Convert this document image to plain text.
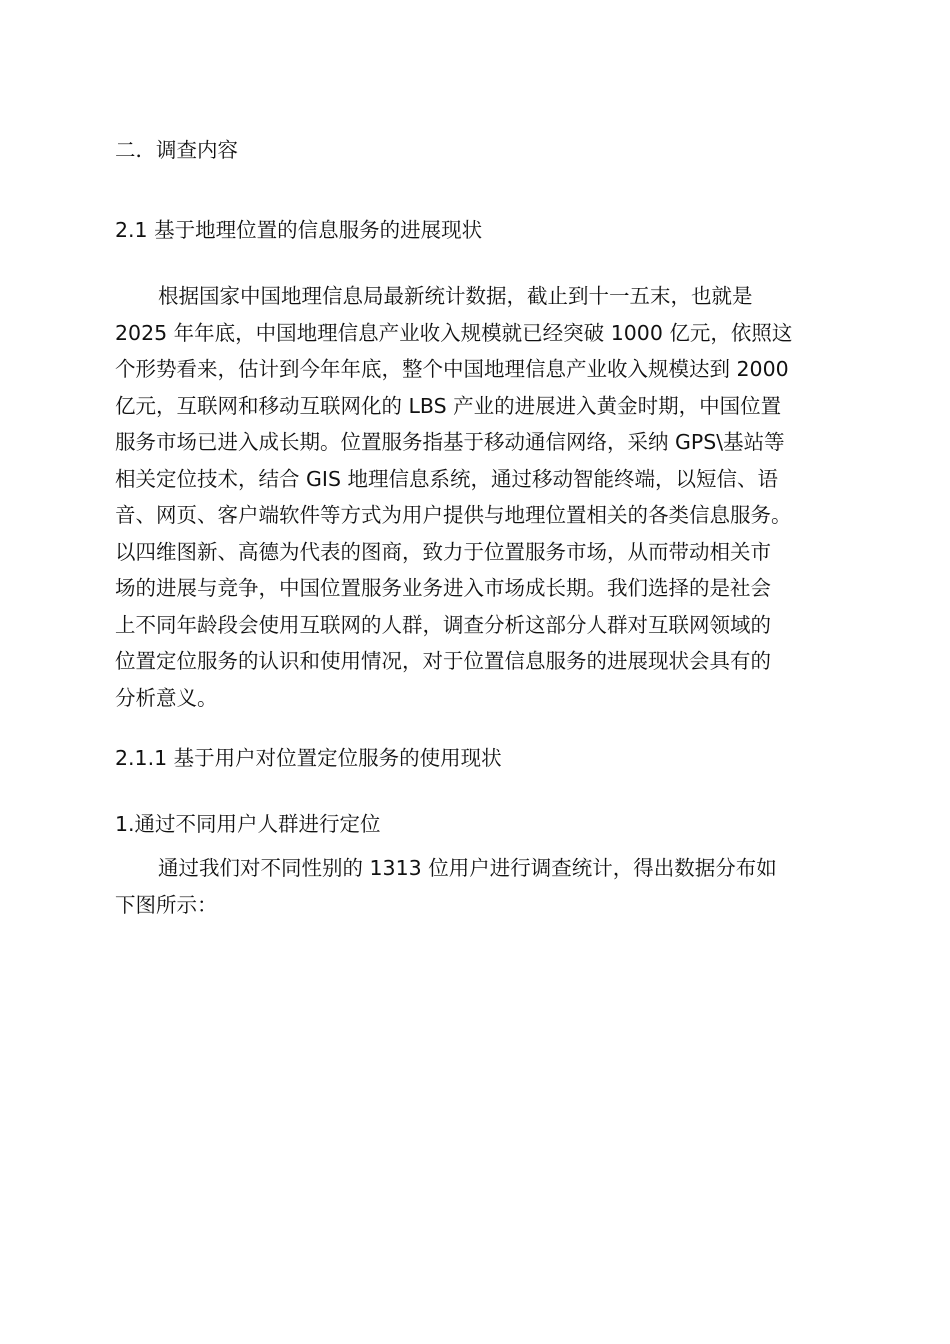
二．调查内容
2.1 基于地理位置的信息服务的进展现状
根据国家中国地理信息局最新统计数据，截止到十一五末，也就是
2025 年年底，中国地理信息产业收入规模就已经突破 1000 亿元，依照这
个形势看来，估计到今年年底，整个中国地理信息产业收入规模达到 2000
亿元，互联网和移动互联网化的 LBS 产业的进展进入黄金时期，中国位置
服务市场已进入成长期。位置服务指基于移动通信网络，采纳 GPS\基站等
相关定位技术，结合 GIS 地理信息系统，通过移动智能终端，以短信、语
音、网页、客户端软件等方式为用户提供与地理位置相关的各类信息服务。
以四维图新、高德为代表的图商，致力于位置服务市场，从而带动相关市
场的进展与竞争，中国位置服务业务进入市场成长期。我们选择的是社会
上不同年龄段会使用互联网的人群，调查分析这部分人群对互联网领域的
位置定位服务的认识和使用情况，对于位置信息服务的进展现状会具有的
分析意义。
2.1.1 基于用户对位置定位服务的使用现状
1.通过不同用户人群进行定位
通过我们对不同性别的 1313 位用户进行调查统计，得出数据分布如
下图所示：
